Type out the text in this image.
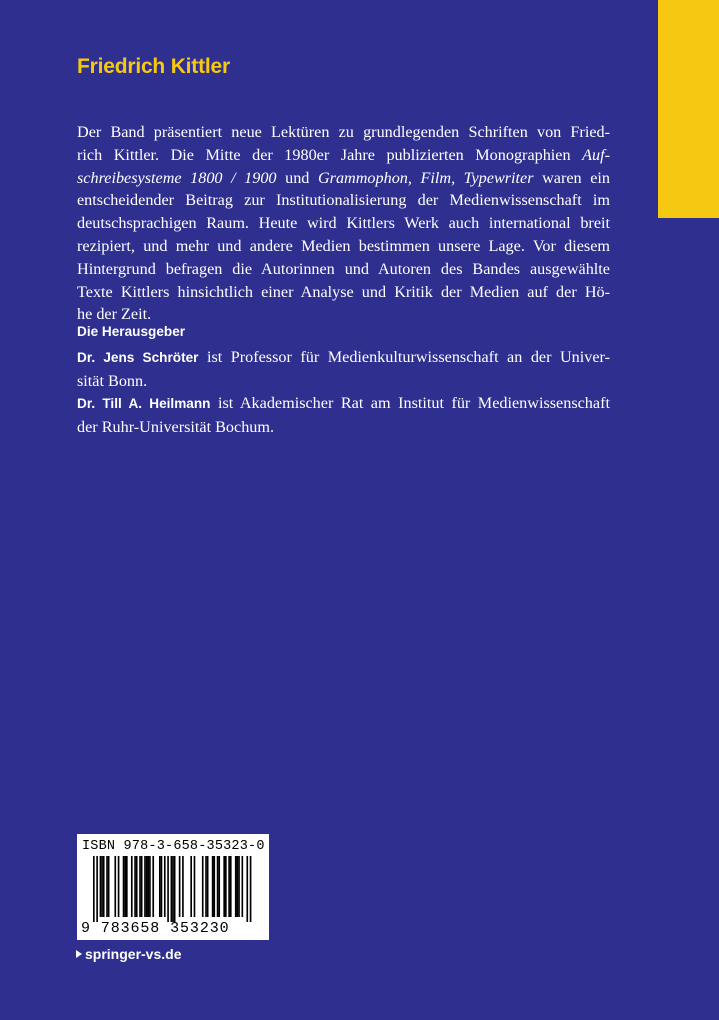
Friedrich Kittler
Der Band präsentiert neue Lektüren zu grundlegenden Schriften von Fried-
rich Kittler. Die Mitte der 1980er Jahre publizierten Monographien Auf-
schreibesysteme 1800 / 1900 und Grammophon, Film, Typewriter waren ein
entscheidender Beitrag zur Institutionalisierung der Medienwissenschaft im
deutschsprachigen Raum. Heute wird Kittlers Werk auch international breit
rezipiert, und mehr und andere Medien bestimmen unsere Lage. Vor diesem
Hintergrund befragen die Autorinnen und Autoren des Bandes ausgewählte
Texte Kittlers hinsichtlich einer Analyse und Kritik der Medien auf der Hö-
he der Zeit.
Die Herausgeber
Dr. Jens Schröter ist Professor für Medienkulturwissenschaft an der Univer-
sität Bonn.
Dr. Till A. Heilmann ist Akademischer Rat am Institut für Medienwissenschaft
der Ruhr-Universität Bochum.
ISBN 978-3-658-35323-0
9 783658 353230
springer-vs.de
